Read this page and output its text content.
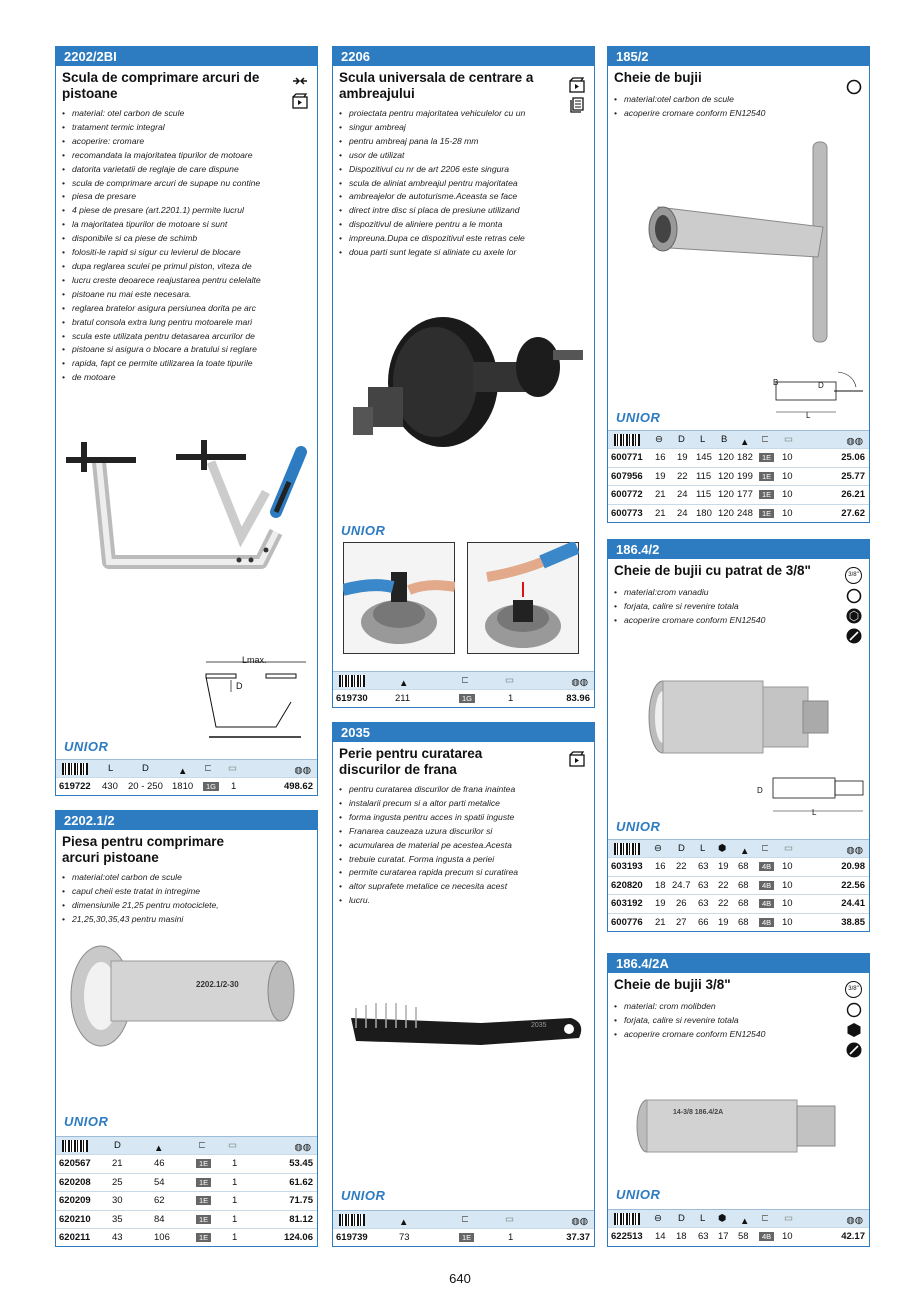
2202/2BI
Scula de comprimare arcuri de pistoane
• material: otel carbon de scule
• tratament termic integral
• acoperire: cromare
• recomandata la majoritatea tipurilor de motoare
• datorita varietatii de reglaje de care dispune
• scula de comprimare arcuri de supape nu contine
• piesa de presare
• 4 piese de presare (art.2201.1) permite lucrul
• la majoritatea tipurilor de motoare si sunt
• disponibile si ca piese de schimb
• folositi-le rapid si sigur cu levierul de blocare
• dupa reglarea sculei pe primul piston, viteza de
• lucru creste deoarece reajustarea pentru celelalte
• pistoane nu mai este necesara.
• reglarea bratelor asigura persiunea dorita pe arc
• bratul consola extra lung pentru motoarele mari
• scula este utilizata pentru detasarea arcurilor de
• pistoane si asigura o blocare a bratului si reglare
• rapida, fapt ce permite utilizarea la toate tipurile
• de motoare
Lmax.
D
UNIOR
L	D	▲ ⊏ ▭	◍◍
619722 430 20 - 250 1810	1G	1	498.62
2202.1/2
Piesa pentru comprimare arcuri pistoane
• material:otel carbon de scule
• capul cheii este tratat in intregime
• dimensiunile 21,25 pentru motociclete,
• 21,25,30,35,43 pentru masini
2202.1/2-30
UNIOR
D	▲	⊏ ▭	◍◍
620567 21	46	1E	1	53.45
620208 25	54	1E	1	61.62
620209 30	62	1E	1	71.75
620210 35	84	1E	1	81.12
620211 43	106	1E	1	124.06
2206
Scula universala de centrare a ambreajului
• proiectata pentru majoritatea vehiculelor cu un
• singur ambreaj
• pentru ambreaj pana la 15-28 mm
• usor de utilizat
• Dispozitivul cu nr de art 2206 este singura
• scula de aliniat ambreajul pentru majoritatea
• ambreajelor de autoturisme.Aceasta se face
• direct intre disc si placa de presiune utilizand
• dispozitivul de aliniere pentru a le monta
• impreuna.Dupa ce dispozitivul este retras cele
• doua parti sunt legate si aliniate cu axele lor
UNIOR
▲	⊏	▭	◍◍
619730	211	1G	1	83.96
2035
Perie pentru curatarea discurilor de frana
• pentru curatarea discurilor de frana inaintea
• instalarii precum si a altor parti metalice
• forma ingusta pentru acces in spatii inguste
• Franarea cauzeaza uzura discurilor si
• acumularea de material pe acestea.Acesta
• trebuie curatat. Forma ingusta a periei
• permite curatarea rapida precum si curatirea
• altor suprafete metalice ce necesita acest
• lucru.
2035
UNIOR
▲	⊏	▭	◍◍
619739	73	1E	1	37.37
185/2
Cheie de bujii
• material:otel carbon de scule
• acoperire cromare conform EN12540
B	D
L
UNIOR
⊖ D L B ▲ ⊏ ▭	◍◍
600771 16 19 145 120 182	1E	10	25.06
607956 19 22 115 120 199	1E	10	25.77
600772 21 24 115 120 177	1E	10	26.21
600773 21 24 180 120 248	1E	10	27.62
186.4/2
Cheie de bujii cu patrat de 3/8"	3/8"
• material:crom vanadiu
• forjata, calire si revenire totala
• acoperire cromare conform EN12540
D
L
UNIOR
⊖ D L ⬢ ▲ ⊏ ▭	◍◍
603193 16 22 63 19 68	4B	10	20.98
620820 18 24.7 63 22 68	4B	10	22.56
603192 19 26 63 22 68	4B	10	24.41
600776 21 27 66 19 68	4B	10	38.85
186.4/2A
Cheie de bujii 3/8"	3/8"
• material: crom molibden
• forjata, calire si revenire totala
• acoperire cromare conform EN12540
14-3/8 186.4/2A
UNIOR
⊖ D L ⬢ ▲ ⊏ ▭	◍◍
622513 14 18 63 17 58	4B	10	42.17
640
